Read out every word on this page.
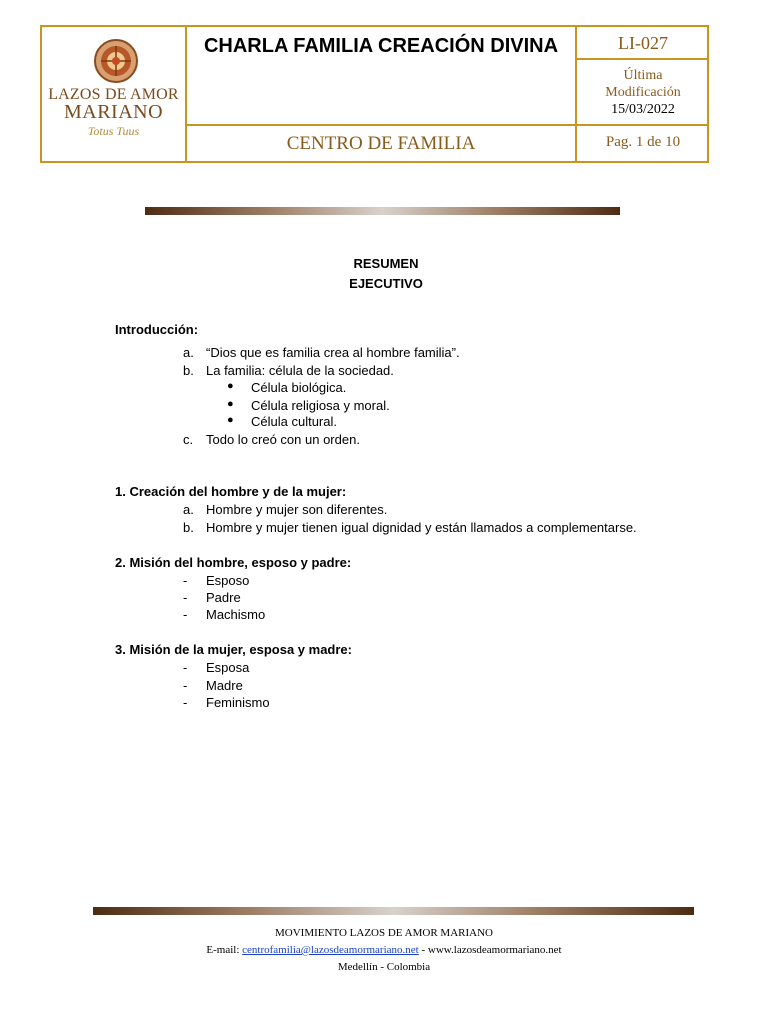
LAZOS DE AMOR
MARIANO
Totus Tuus
CHARLA FAMILIA CREACIÓN DIVINA	LI-027
Última
Modificación
15/03/2022
CENTRO DE FAMILIA	Pag. 1 de 10
RESUMEN
EJECUTIVO
Introducción:
a. “Dios que es familia crea al hombre familia”.
b. La familia: célula de la sociedad.
● Célula biológica.
● Célula religiosa y moral.
● Célula cultural.
c. Todo lo creó con un orden.
1. Creación del hombre y de la mujer:
a. Hombre y mujer son diferentes.
b. Hombre y mujer tienen igual dignidad y están llamados a complementarse.
2. Misión del hombre, esposo y padre:
- Esposo
- Padre
- Machismo
3. Misión de la mujer, esposa y madre:
- Esposa
- Madre
- Feminismo
MOVIMIENTO LAZOS DE AMOR MARIANO
E-mail: centrofamilia@lazosdeamormariano.net - www.lazosdeamormariano.net
Medellín - Colombia
